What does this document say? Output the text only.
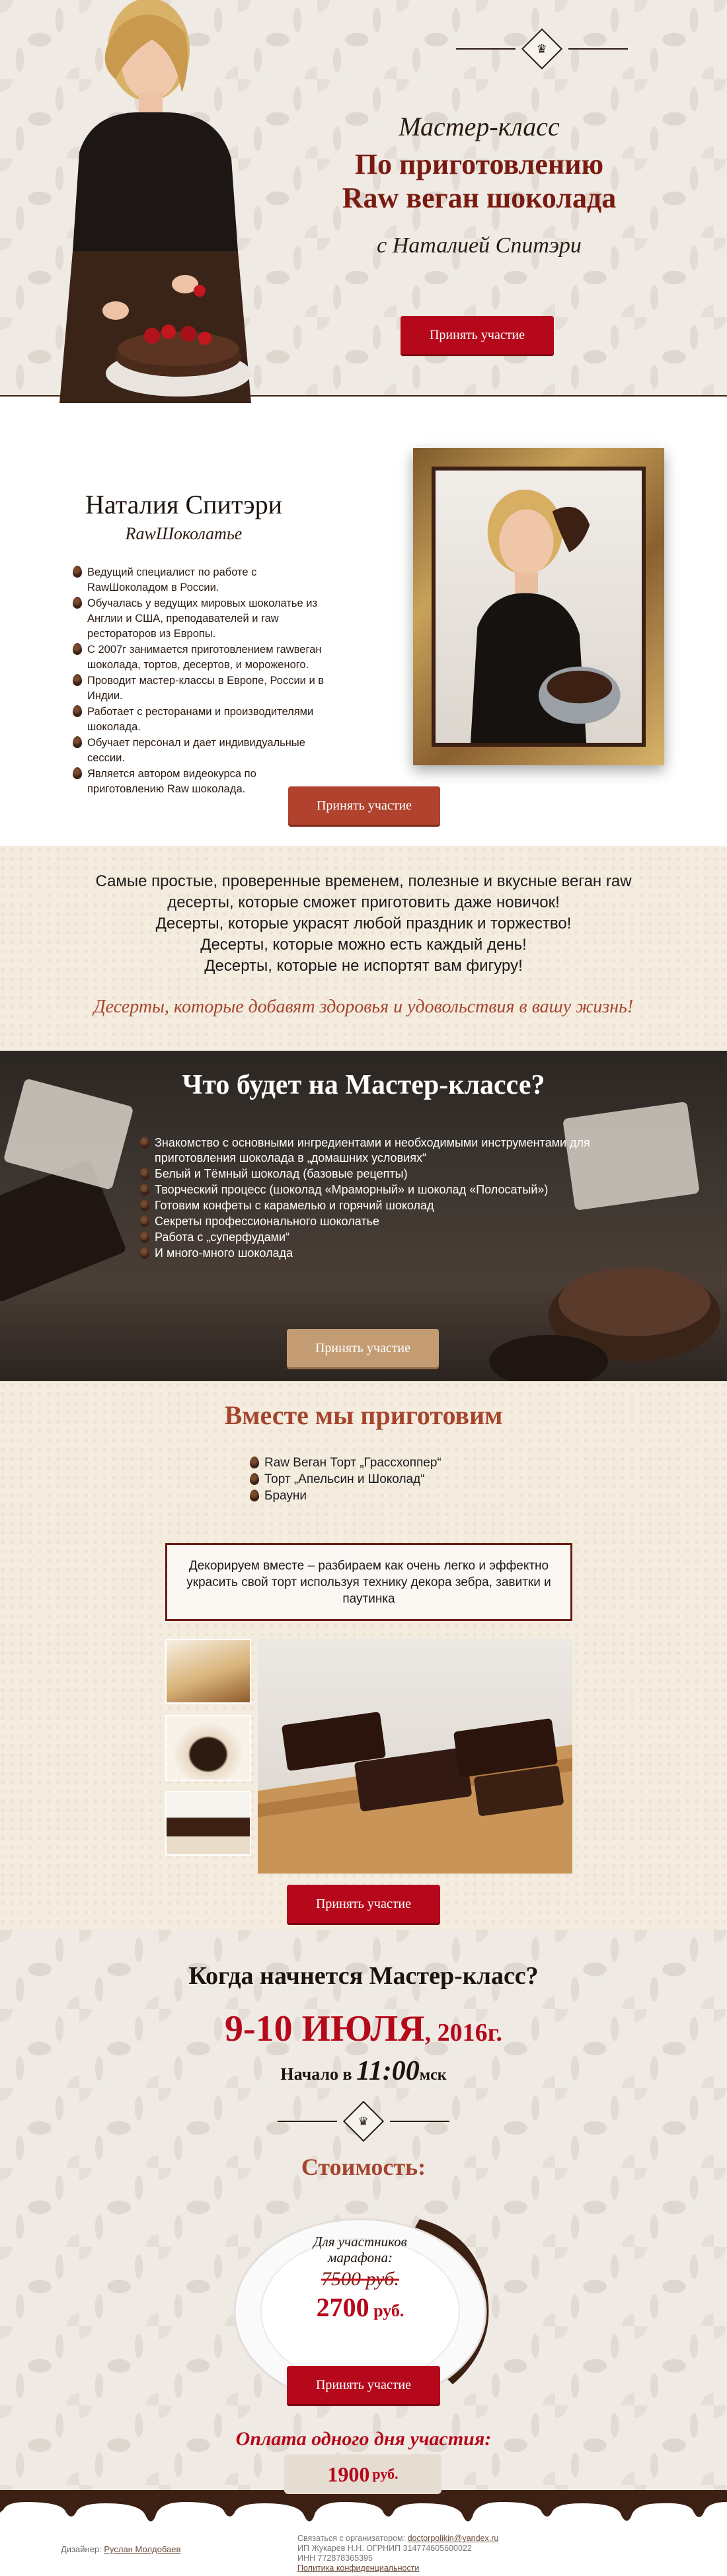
♛
Мастер-класс
По приготовлению
Raw веган шоколада
с Наталией Спитэри
Принять участие
Наталия Спитэри
RawШоколатье
Ведущий специалист по работе с RawШоколадом в России.
Обучалась у ведущих мировых шоколатье из Англии и США, преподавателей и raw рестораторов из Европы.
С 2007г занимается приготовлением rawвеган шоколада, тортов, десертов, и мороженого.
Проводит мастер-классы в Европе, России и в Индии.
Работает с ресторанами и производителями шоколада.
Обучает персонал и дает индивидуальные сессии.
Является автором видеокурса по приготовлению Raw шоколада.
Принять участие
Самые простые, проверенные временем, полезные и вкусные веган raw
десерты, которые сможет приготовить даже новичок!
Десерты, которые украсят любой праздник и торжество!
Десерты, которые можно есть каждый день!
Десерты, которые не испортят вам фигуру!
Десерты, которые добавят здоровья и удовольствия в вашу жизнь!
Что будет на Мастер-классе?
Знакомство с основными ингредиентами и необходимыми инструментами для приготовления шоколада в „домашних условиях“
Белый и Тёмный шоколад (базовые рецепты)
Творческий процесс (шоколад «Мраморный» и шоколад «Полосатый»)
Готовим конфеты с карамелью и горячий шоколад
Секреты профессионального шоколатье
Работа с „суперфудами“
И много-много шоколада
Принять участие
Вместе мы приготовим
Raw Веган Торт „Грассхоппер“
Торт „Апельсин и Шоколад“
Брауни
Декорируем вместе – разбираем как очень легко и эффектно украсить свой торт используя технику декора зебра, завитки и паутинка
Принять участие
Когда начнется Мастер-класс?
9-10 ИЮЛЯ, 2016г.
Начало в 11:00мск
♛
Стоимость:
Для участников марафона:
7500 руб.
2700 руб.
Принять участие
Оплата одного дня участия:
1900 руб.
Дизайнер: Руслан Молдобаев
Связаться с организатором: doctorpolikin@yandex.ru
ИП Жукарев Н.Н. ОГРНИП 314774605600022
ИНН 772878365395
Политика конфиденциальности
